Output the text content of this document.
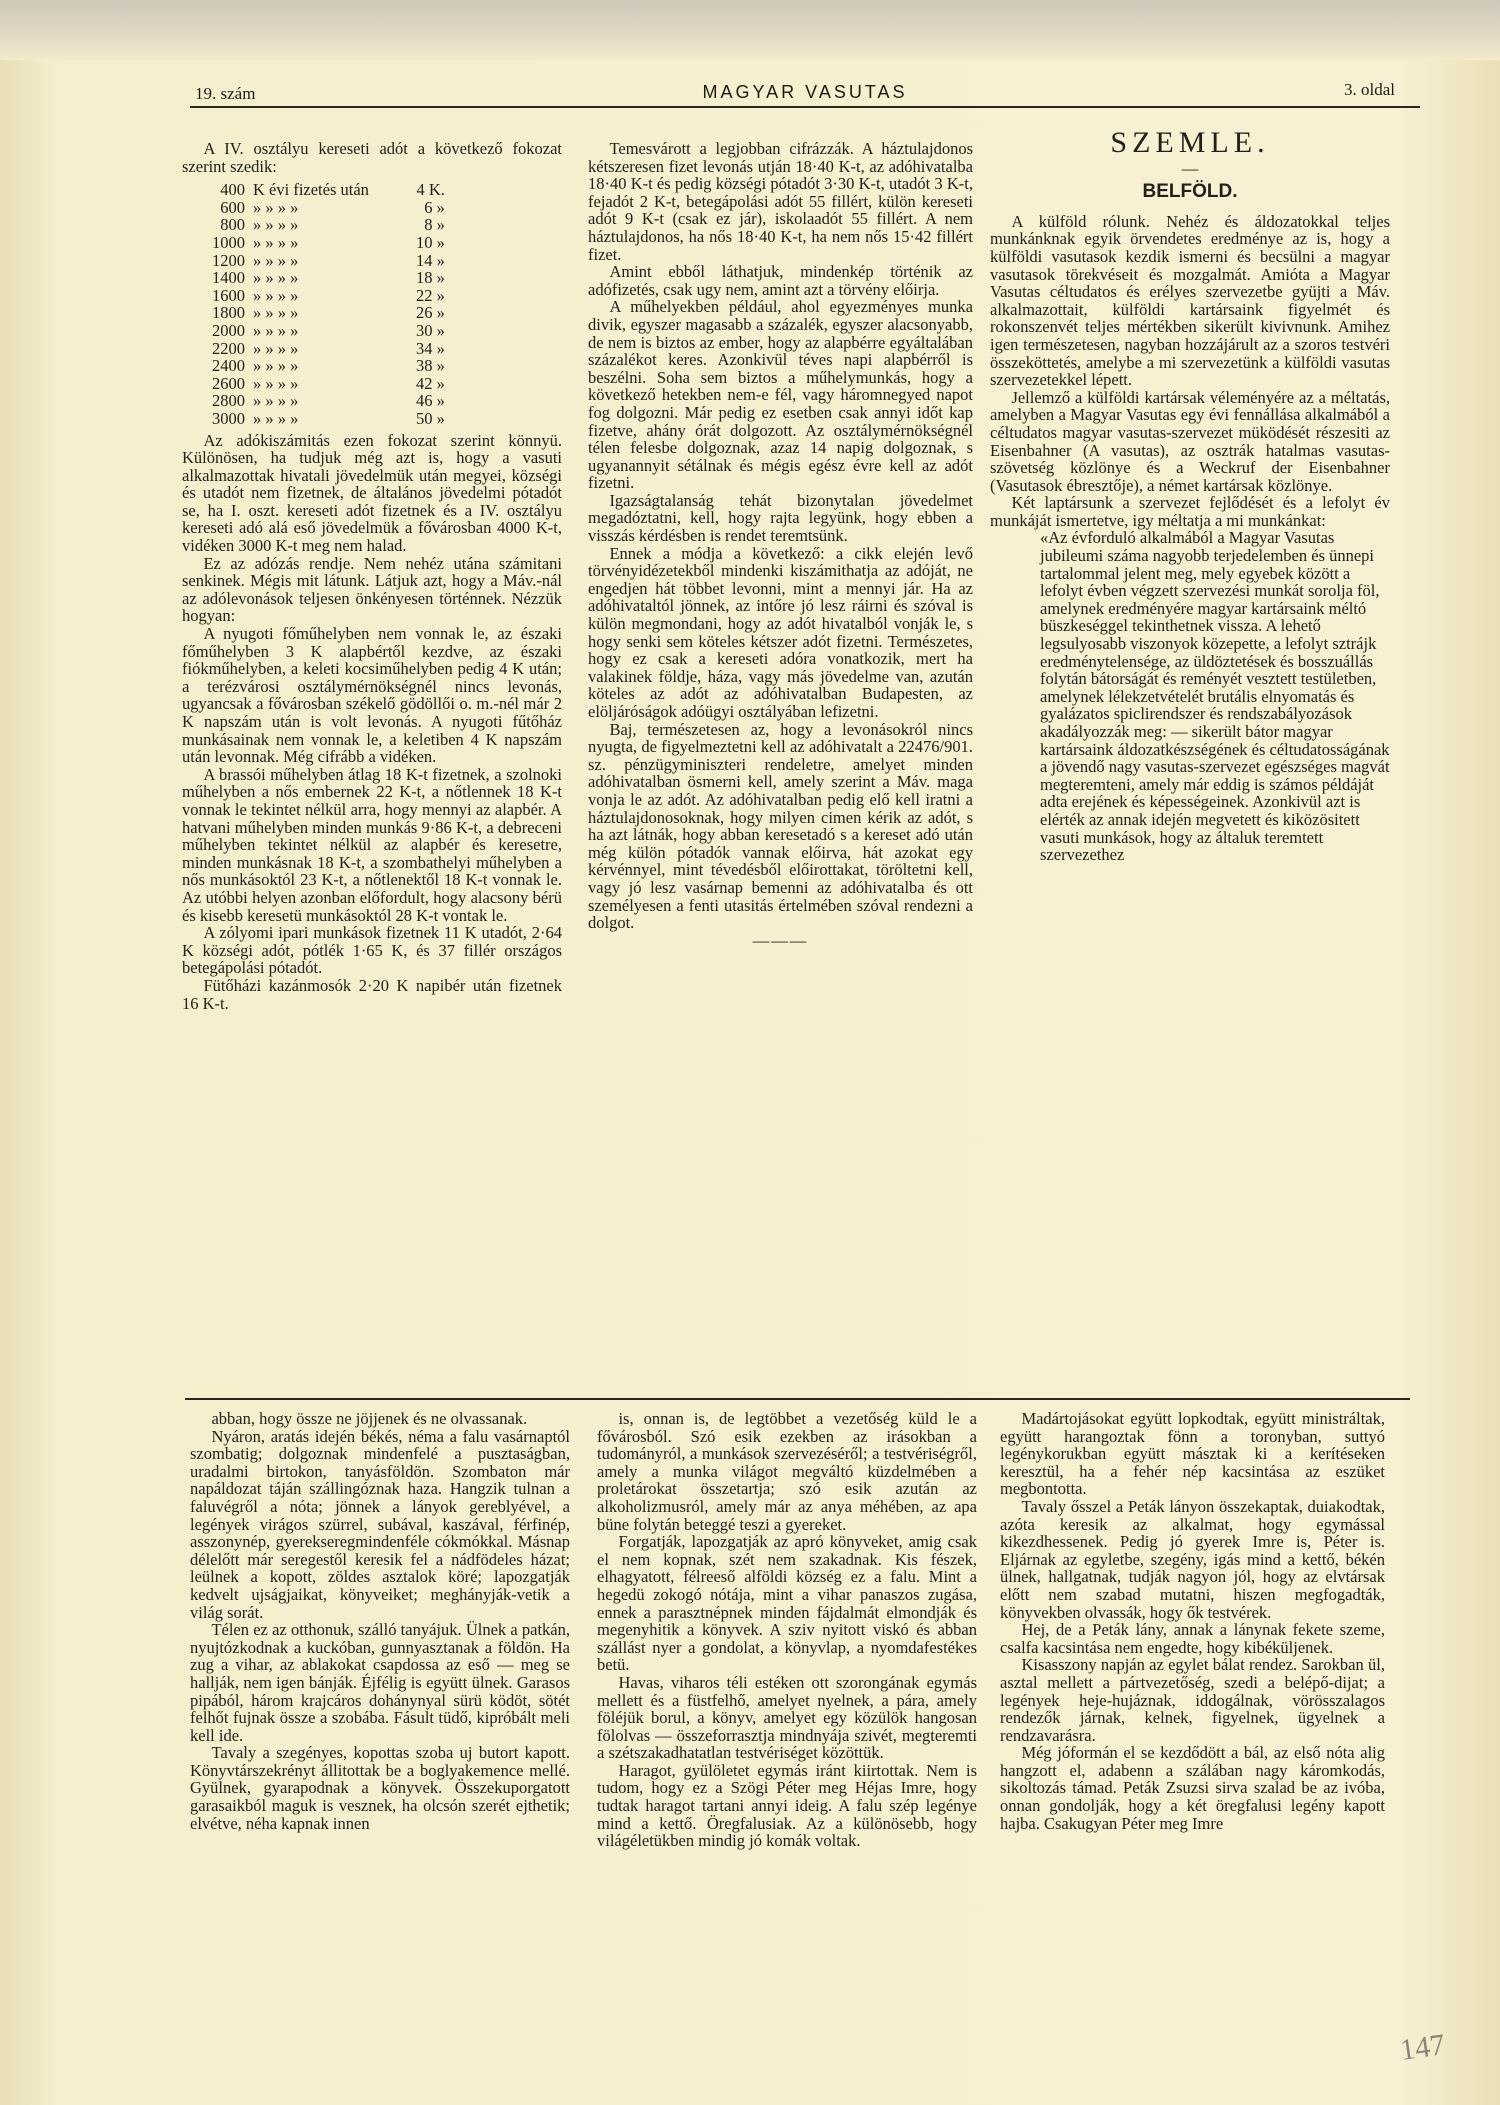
19. szám	MAGYAR VASUTAS	3. oldal

A IV. osztályu kereseti adót a következő fokozat szerint szedik:

400	K évi fizetés után	4 K.
600	» » » »	6 »
800	» » » »	8 »
1000	» » » »	10 »
1200	» » » »	14 »
1400	» » » »	18 »
1600	» » » »	22 »
1800	» » » »	26 »
2000	» » » »	30 »
2200	» » » »	34 »
2400	» » » »	38 »
2600	» » » »	42 »
2800	» » » »	46 »
3000	» » » »	50 »

Az adókiszámitás ezen fokozat szerint könnyü. Különösen, ha tudjuk még azt is, hogy a vasuti alkalmazottak hivatali jövedelmük után megyei, községi és utadót nem fizetnek, de általános jövedelmi pótadót se, ha I. oszt. kereseti adót fizetnek és a IV. osztályu kereseti adó alá eső jövedelmük a fővárosban 4000 K-t, vidéken 3000 K-t meg nem halad.

Ez az adózás rendje. Nem nehéz utána számitani senkinek. Mégis mit látunk. Látjuk azt, hogy a Máv.-nál az adólevonások teljesen önkényesen történnek. Nézzük hogyan:

A nyugoti főműhelyben nem vonnak le, az északi főműhelyben 3 K alapbértől kezdve, az északi fiókműhelyben, a keleti kocsiműhelyben pedig 4 K után; a terézvárosi osztálymérnökségnél nincs levonás, ugyancsak a fővárosban székelő gödöllői o. m.-nél már 2 K napszám után is volt levonás. A nyugoti fűtőház munkásainak nem vonnak le, a keletiben 4 K napszám után levonnak. Még cifrább a vidéken.

A brassói műhelyben átlag 18 K-t fizetnek, a szolnoki műhelyben a nős embernek 22 K-t, a nőtlennek 18 K-t vonnak le tekintet nélkül arra, hogy mennyi az alapbér. A hatvani műhelyben minden munkás 9·86 K-t, a debreceni műhelyben tekintet nélkül az alapbér és keresetre, minden munkásnak 18 K-t, a szombathelyi műhelyben a nős munkásoktól 23 K-t, a nőtlenektől 18 K-t vonnak le. Az utóbbi helyen azonban előfordult, hogy alacsony bérü és kisebb keresetü munkásoktól 28 K-t vontak le.

A zólyomi ipari munkások fizetnek 11 K utadót, 2·64 K községi adót, pótlék 1·65 K, és 37 fillér országos betegápolási pótadót.

Fütőházi kazánmosók 2·20 K napibér után fizetnek 16 K-t.

Temesvárott a legjobban cifrázzák. A háztulajdonos kétszeresen fizet levonás utján 18·40 K-t, az adóhivatalba 18·40 K-t és pedig községi pótadót 3·30 K-t, utadót 3 K-t, fejadót 2 K-t, betegápolási adót 55 fillért, külön kereseti adót 9 K-t (csak ez jár), iskolaadót 55 fillért. A nem háztulajdonos, ha nős 18·40 K-t, ha nem nős 15·42 fillért fizet.

Amint ebből láthatjuk, mindenkép történik az adófizetés, csak ugy nem, amint azt a törvény előirja.

A műhelyekben például, ahol egyezményes munka divik, egyszer magasabb a százalék, egyszer alacsonyabb, de nem is biztos az ember, hogy az alapbérre egyáltalában százalékot keres. Azonkivül téves napi alapbérről is beszélni. Soha sem biztos a műhelymunkás, hogy a következő hetekben nem-e fél, vagy háromnegyed napot fog dolgozni. Már pedig ez esetben csak annyi időt kap fizetve, ahány órát dolgozott. Az osztálymérnökségnél télen felesbe dolgoznak, azaz 14 napig dolgoznak, s ugyanannyit sétálnak és mégis egész évre kell az adót fizetni.

Igazságtalanság tehát bizonytalan jövedelmet megadóztatni, kell, hogy rajta legyünk, hogy ebben a visszás kérdésben is rendet teremtsünk.

Ennek a módja a következő: a cikk elején levő törvényidézetekből mindenki kiszámithatja az adóját, ne engedjen hát többet levonni, mint a mennyi jár. Ha az adóhivataltól jönnek, az intőre jó lesz ráirni és szóval is külön megmondani, hogy az adót hivatalból vonják le, s hogy senki sem köteles kétszer adót fizetni. Természetes, hogy ez csak a kereseti adóra vonatkozik, mert ha valakinek földje, háza, vagy más jövedelme van, azután köteles az adót az adóhivatalban Budapesten, az elöljáróságok adóügyi osztályában lefizetni.

Baj, természetesen az, hogy a levonásokról nincs nyugta, de figyelmeztetni kell az adóhivatalt a 22476/901. sz. pénzügyminiszteri rendeletre, amelyet minden adóhivatalban ösmerni kell, amely szerint a Máv. maga vonja le az adót. Az adóhivatalban pedig elő kell iratni a háztulajdonosoknak, hogy milyen cimen kérik az adót, s ha azt látnák, hogy abban keresetadó s a kereset adó után még külön pótadók vannak előirva, hát azokat egy kérvénnyel, mint tévedésből előirottakat, töröltetni kell, vagy jó lesz vasárnap bemenni az adóhivatalba és ott személyesen a fenti utasitás értelmében szóval rendezni a dolgot.

———
SZEMLE.
—
BELFÖLD.

A külföld rólunk. Nehéz és áldozatokkal teljes munkánknak egyik örvendetes eredménye az is, hogy a külföldi vasutasok kezdik ismerni és becsülni a magyar vasutasok törekvéseit és mozgalmát. Amióta a Magyar Vasutas céltudatos és erélyes szervezetbe gyüjti a Máv. alkalmazottait, külföldi kartársaink figyelmét és rokonszenvét teljes mértékben sikerült kivivnunk. Amihez igen természetesen, nagyban hozzájárult az a szoros testvéri összeköttetés, amelybe a mi szervezetünk a külföldi vasutas szervezetekkel lépett.

Jellemző a külföldi kartársak véleményére az a méltatás, amelyben a Magyar Vasutas egy évi fennállása alkalmából a céltudatos magyar vasutas-szervezet müködését részesiti az Eisenbahner (A vasutas), az osztrák hatalmas vasutas-szövetség közlönye és a Weckruf der Eisenbahner (Vasutasok ébresztője), a német kartársak közlönye.

Két laptársunk a szervezet fejlődését és a lefolyt év munkáját ismertetve, igy méltatja a mi munkánkat:

«Az évforduló alkalmából a Magyar Vasutas jubileumi száma nagyobb terjedelemben és ünnepi tartalommal jelent meg, mely egyebek között a lefolyt évben végzett szervezési munkát sorolja föl, amelynek eredményére magyar kartársaink méltó büszkeséggel tekinthetnek vissza. A lehető legsulyosabb viszonyok közepette, a lefolyt sztrájk eredménytelensége, az üldöztetések és bosszuállás folytán bátorságát és reményét vesztett testületben, amelynek lélekzetvételét brutális elnyomatás és gyalázatos spiclirendszer és rendszabályozások akadályozzák meg: — sikerült bátor magyar kartársaink áldozatkészségének és céltudatosságának a jövendő nagy vasutas-szervezet egészséges magvát megteremteni, amely már eddig is számos példáját adta erejének és képességeinek. Azonkivül azt is elérték az annak idején megvetett és kiközösitett vasuti munkások, hogy az általuk teremtett szervezethez

abban, hogy össze ne jöjjenek és ne olvassanak.

Nyáron, aratás idején békés, néma a falu vasárnaptól szombatig; dolgoznak mindenfelé a pusztaságban, uradalmi birtokon, tanyásföldön. Szombaton már napáldozat táján szállingóznak haza. Hangzik tulnan a faluvégről a nóta; jönnek a lányok gereblyével, a legények virágos szürrel, subával, kaszával, férfinép, asszonynép, gyerekseregmindenféle cókmókkal. Másnap délelőtt már seregestől keresik fel a nádfödeles házat; leülnek a kopott, zöldes asztalok köré; lapozgatják kedvelt ujságjaikat, könyveiket; meghányják-vetik a világ sorát.

Télen ez az otthonuk, szálló tanyájuk. Ülnek a patkán, nyujtózkodnak a kuckóban, gunnyasztanak a földön. Ha zug a vihar, az ablakokat csapdossa az eső — meg se hallják, nem igen bánják. Éjfélig is együtt ülnek. Garasos pipából, három krajcáros dohánynyal sürü ködöt, sötét felhőt fujnak össze a szobába. Fásult tüdő, kipróbált meli kell ide.

Tavaly a szegényes, kopottas szoba uj butort kapott. Könyvtárszekrényt állitottak be a boglyakemence mellé. Gyülnek, gyarapodnak a könyvek. Összekuporgatott garasaikból maguk is vesznek, ha olcsón szerét ejthetik; elvétve, néha kapnak innen

is, onnan is, de legtöbbet a vezetőség küld le a fővárosból. Szó esik ezekben az irásokban a tudományról, a munkások szervezéséről; a testvériségről, amely a munka világot megváltó küzdelmében a proletárokat összetartja; szó esik azután az alkoholizmusról, amely már az anya méhében, az apa büne folytán beteggé teszi a gyereket.

Forgatják, lapozgatják az apró könyveket, amig csak el nem kopnak, szét nem szakadnak. Kis fészek, elhagyatott, félreeső alföldi község ez a falu. Mint a hegedü zokogó nótája, mint a vihar panaszos zugása, ennek a parasztnépnek minden fájdalmát elmondják és megenyhitik a könyvek. A sziv nyitott viskó és abban szállást nyer a gondolat, a könyvlap, a nyomdafestékes betü.

Havas, viharos téli estéken ott szorongának egymás mellett és a füstfelhő, amelyet nyelnek, a pára, amely föléjük borul, a könyv, amelyet egy közülök hangosan fölolvas — összeforrasztja mindnyája szivét, megteremti a szétszakadhatatlan testvériséget közöttük.

Haragot, gyülöletet egymás iránt kiirtottak. Nem is tudom, hogy ez a Szögi Péter meg Héjas Imre, hogy tudtak haragot tartani annyi ideig. A falu szép legénye mind a kettő. Öregfalusiak. Az a különösebb, hogy világéletükben mindig jó komák voltak.

Madártojásokat együtt lopkodtak, együtt ministráltak, együtt harangoztak fönn a toronyban, suttyó legénykorukban együtt másztak ki a kerítéseken keresztül, ha a fehér nép kacsintása az eszüket megbontotta.

Tavaly ősszel a Peták lányon összekaptak, duiakodtak, azóta keresik az alkalmat, hogy egymással kikezdhessenek. Pedig jó gyerek Imre is, Péter is. Eljárnak az egyletbe, szegény, igás mind a kettő, békén ülnek, hallgatnak, tudják nagyon jól, hogy az elvtársak előtt nem szabad mutatni, hiszen megfogadták, könyvekben olvassák, hogy ők testvérek.

Hej, de a Peták lány, annak a lánynak fekete szeme, csalfa kacsintása nem engedte, hogy kibéküljenek.

Kisasszony napján az egylet bálat rendez. Sarokban ül, asztal mellett a pártvezetőség, szedi a belépő-dijat; a legények heje-hujáznak, iddogálnak, vörösszalagos rendezők járnak, kelnek, figyelnek, ügyelnek a rendzavarásra.

Még jóformán el se kezdődött a bál, az első nóta alig hangzott el, adabenn a szálában nagy káromkodás, sikoltozás támad. Peták Zsuzsi sirva szalad be az ivóba, onnan gondolják, hogy a két öregfalusi legény kapott hajba. Csakugyan Péter meg Imre

147
